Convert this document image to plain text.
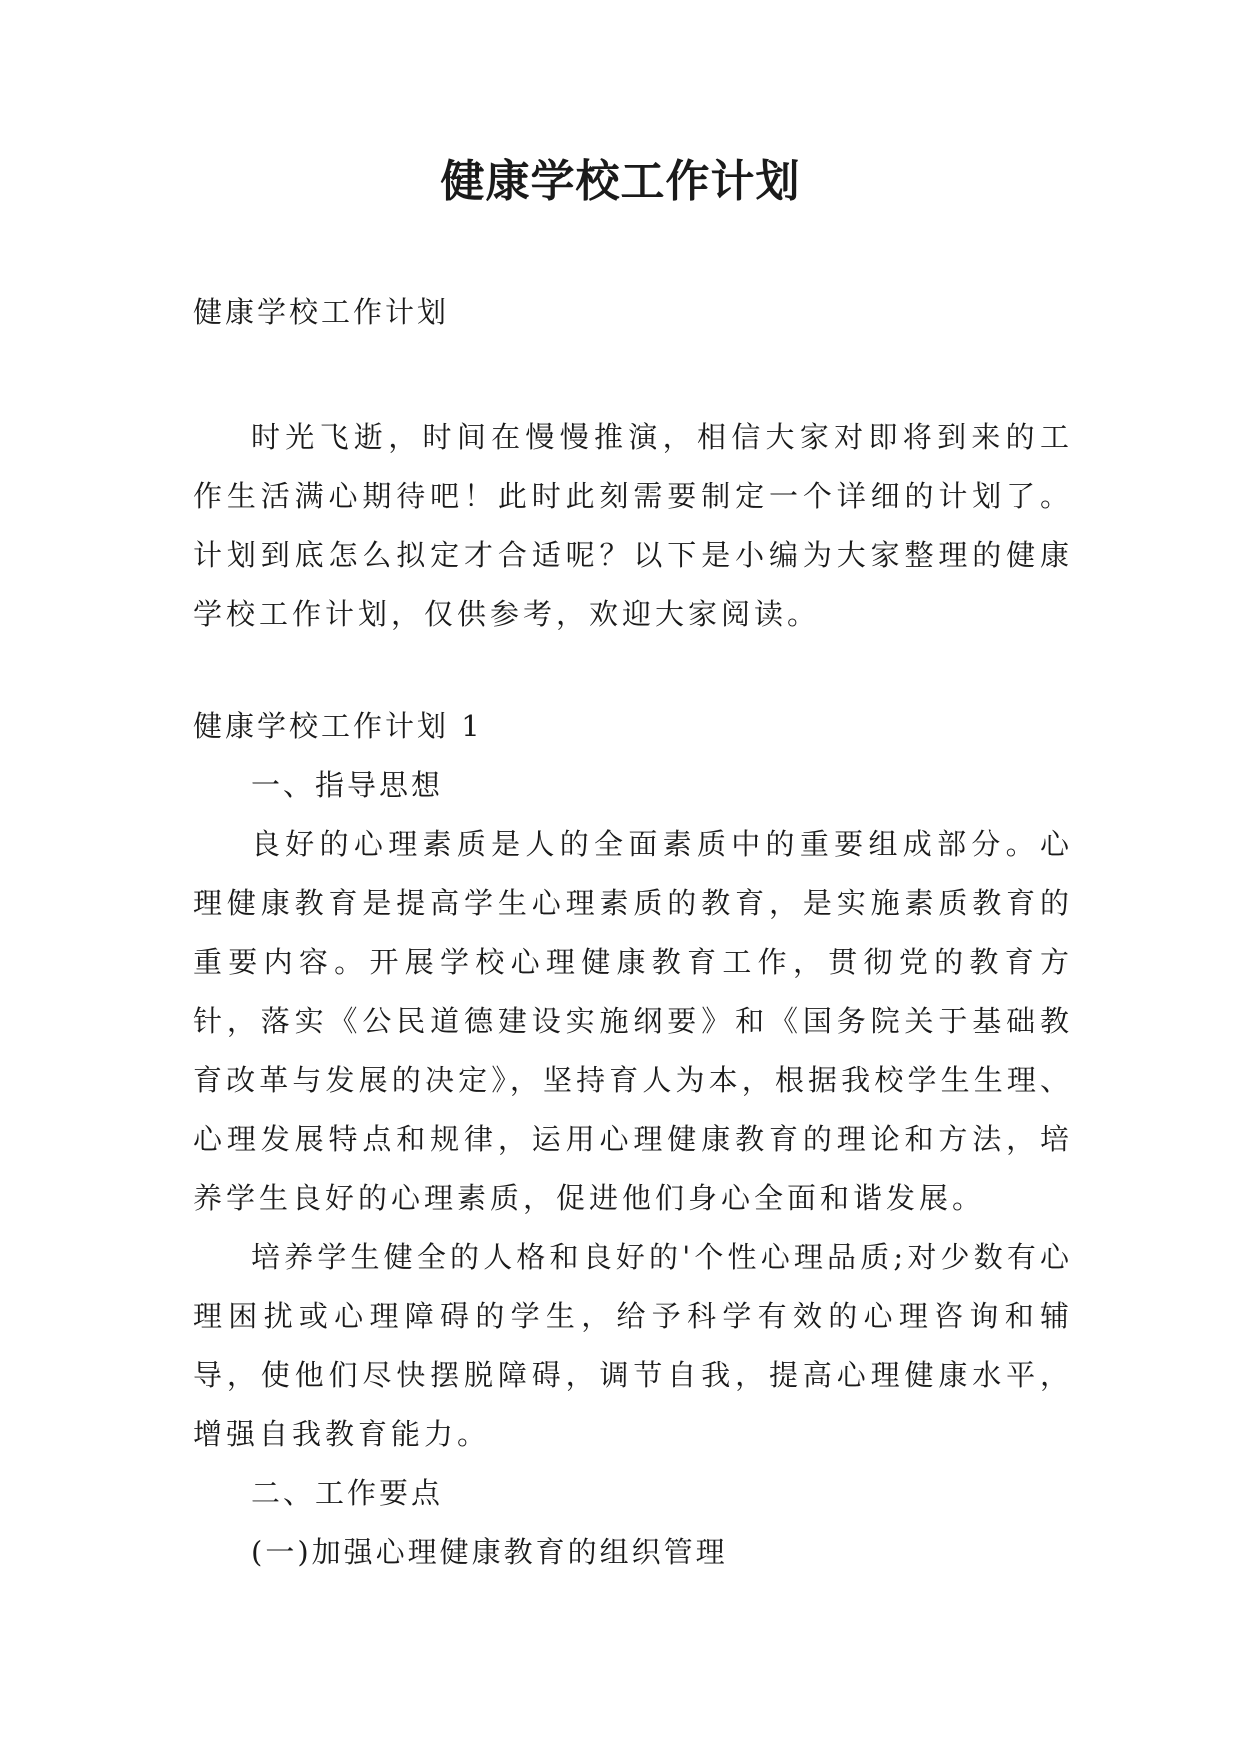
健康学校工作计划

健康学校工作计划

时光飞逝，时间在慢慢推演，相信大家对即将到来的工作生活满心期待吧！此时此刻需要制定一个详细的计划了。计划到底怎么拟定才合适呢？以下是小编为大家整理的健康学校工作计划，仅供参考，欢迎大家阅读。

健康学校工作计划 1

一、指导思想

良好的心理素质是人的全面素质中的重要组成部分。心理健康教育是提高学生心理素质的教育，是实施素质教育的重要内容。开展学校心理健康教育工作，贯彻党的教育方针，落实《公民道德建设实施纲要》和《国务院关于基础教育改革与发展的决定》，坚持育人为本，根据我校学生生理、心理发展特点和规律，运用心理健康教育的理论和方法，培养学生良好的心理素质，促进他们身心全面和谐发展。

培养学生健全的人格和良好的'个性心理品质;对少数有心理困扰或心理障碍的学生，给予科学有效的心理咨询和辅导，使他们尽快摆脱障碍，调节自我，提高心理健康水平，增强自我教育能力。

二、工作要点

(一)加强心理健康教育的组织管理
